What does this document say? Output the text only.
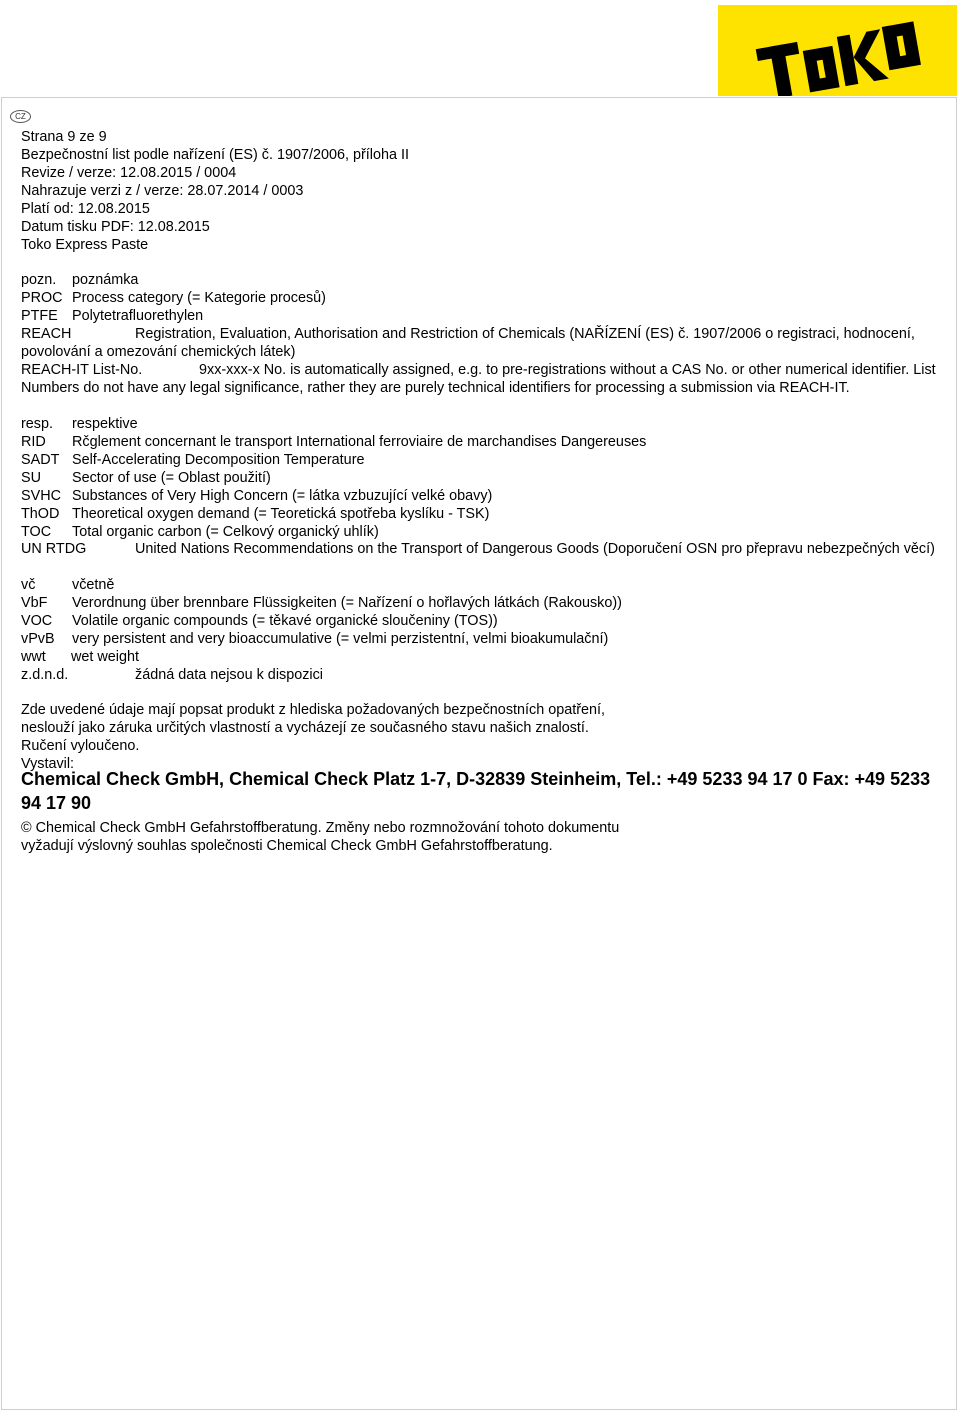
CZ
Strana 9 ze 9
Bezpečnostní list podle nařízení (ES) č. 1907/2006, příloha II
Revize / verze: 12.08.2015 / 0004
Nahrazuje verzi z / verze: 28.07.2014 / 0003
Platí od: 12.08.2015
Datum tisku PDF: 12.08.2015
Toko Express Paste
pozn. poznámka
PROC Process category (= Kategorie procesů)
PTFE Polytetrafluorethylen
REACH	Registration, Evaluation, Authorisation and Restriction of Chemicals (NAŘÍZENÍ (ES) č. 1907/2006 o registraci, hodnocení, povolování a omezování chemických látek)
REACH-IT List-No.	9xx-xxx-x No. is automatically assigned, e.g. to pre-registrations without a CAS No. or other numerical identifier. List Numbers do not have any legal significance, rather they are purely technical identifiers for processing a submission via REACH-IT.
resp. respektive
RID Rčglement concernant le transport International ferroviaire de marchandises Dangereuses
SADT Self-Accelerating Decomposition Temperature
SU Sector of use (= Oblast použití)
SVHC Substances of Very High Concern (= látka vzbuzující velké obavy)
ThOD Theoretical oxygen demand (= Teoretická spotřeba kyslíku - TSK)
TOC Total organic carbon (= Celkový organický uhlík)
UN RTDG	United Nations Recommendations on the Transport of Dangerous Goods (Doporučení OSN pro přepravu nebezpečných věcí)
vč	včetně
VbF Verordnung über brennbare Flüssigkeiten (= Nařízení o hořlavých látkách (Rakousko))
VOC Volatile organic compounds (= těkavé organické sloučeniny (TOS))
vPvB very persistent and very bioaccumulative (= velmi perzistentní, velmi bioakumulační)
wwt wet weight
z.d.n.d.	žádná data nejsou k dispozici
Zde uvedené údaje mají popsat produkt z hlediska požadovaných bezpečnostních opatření,
neslouží jako záruka určitých vlastností a vycházejí ze současného stavu našich znalostí.
Ručení vyloučeno.
Vystavil:
Chemical Check GmbH, Chemical Check Platz 1-7, D-32839 Steinheim, Tel.: +49 5233 94 17 0 Fax: +49 5233 94 17 90
© Chemical Check GmbH Gefahrstoffberatung. Změny nebo rozmnožování tohoto dokumentu
vyžadují výslovný souhlas společnosti Chemical Check GmbH Gefahrstoffberatung.
